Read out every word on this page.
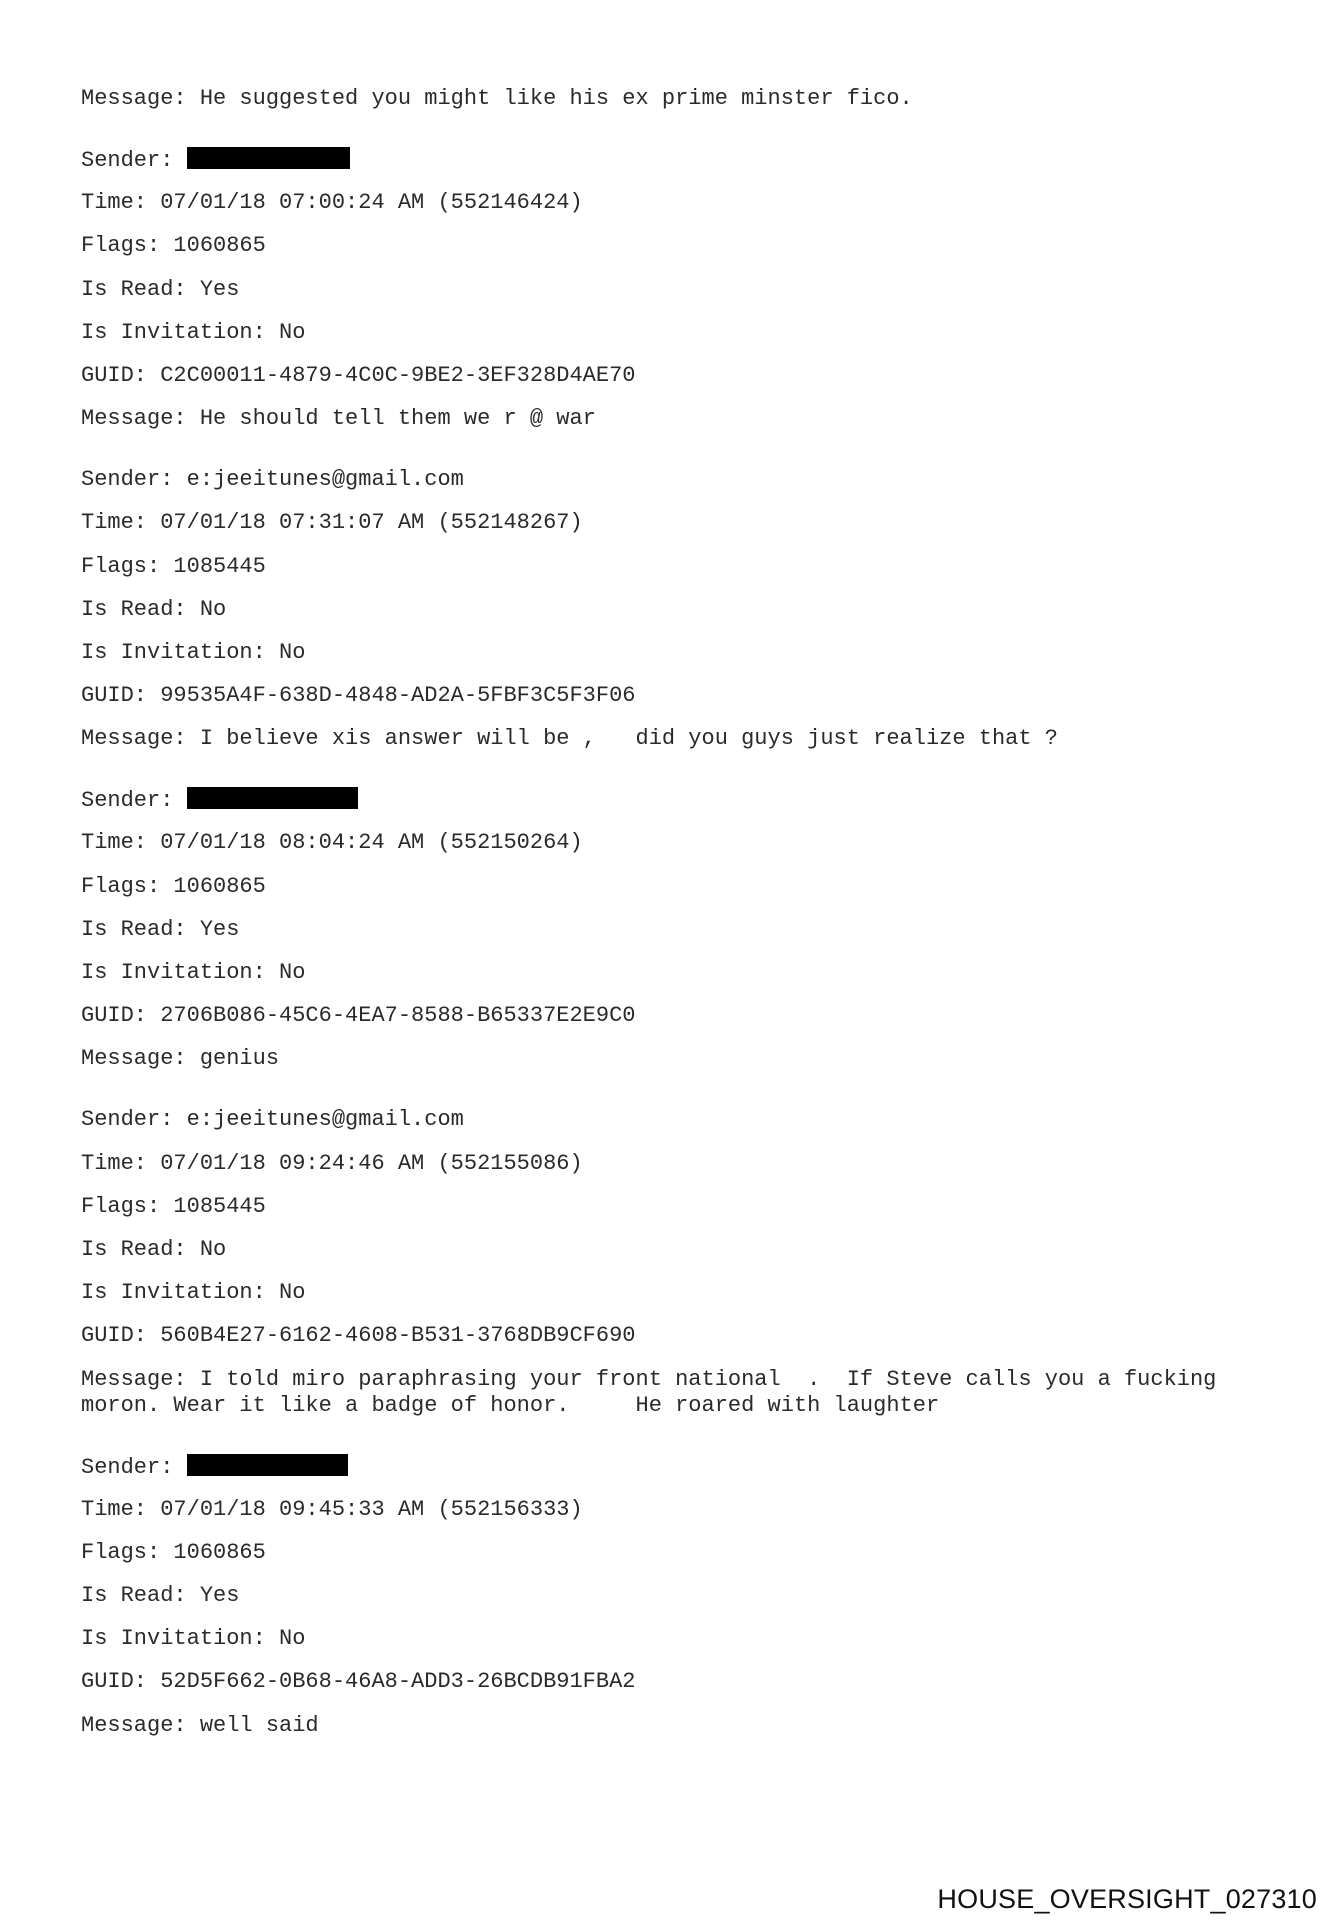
Message: He suggested you might like his ex prime minster fico.
Sender:
Time: 07/01/18 07:00:24 AM (552146424)
Flags: 1060865
Is Read: Yes
Is Invitation: No
GUID: C2C00011-4879-4C0C-9BE2-3EF328D4AE70
Message: He should tell them we r @ war
Sender: e:jeeitunes@gmail.com
Time: 07/01/18 07:31:07 AM (552148267)
Flags: 1085445
Is Read: No
Is Invitation: No
GUID: 99535A4F-638D-4848-AD2A-5FBF3C5F3F06
Message: I believe xis answer will be ,   did you guys just realize that ?
Sender:
Time: 07/01/18 08:04:24 AM (552150264)
Flags: 1060865
Is Read: Yes
Is Invitation: No
GUID: 2706B086-45C6-4EA7-8588-B65337E2E9C0
Message: genius
Sender: e:jeeitunes@gmail.com
Time: 07/01/18 09:24:46 AM (552155086)
Flags: 1085445
Is Read: No
Is Invitation: No
GUID: 560B4E27-6162-4608-B531-3768DB9CF690
Message: I told miro paraphrasing your front national  .  If Steve calls you a fucking
moron. Wear it like a badge of honor.     He roared with laughter
Sender:
Time: 07/01/18 09:45:33 AM (552156333)
Flags: 1060865
Is Read: Yes
Is Invitation: No
GUID: 52D5F662-0B68-46A8-ADD3-26BCDB91FBA2
Message: well said
HOUSE_OVERSIGHT_027310
